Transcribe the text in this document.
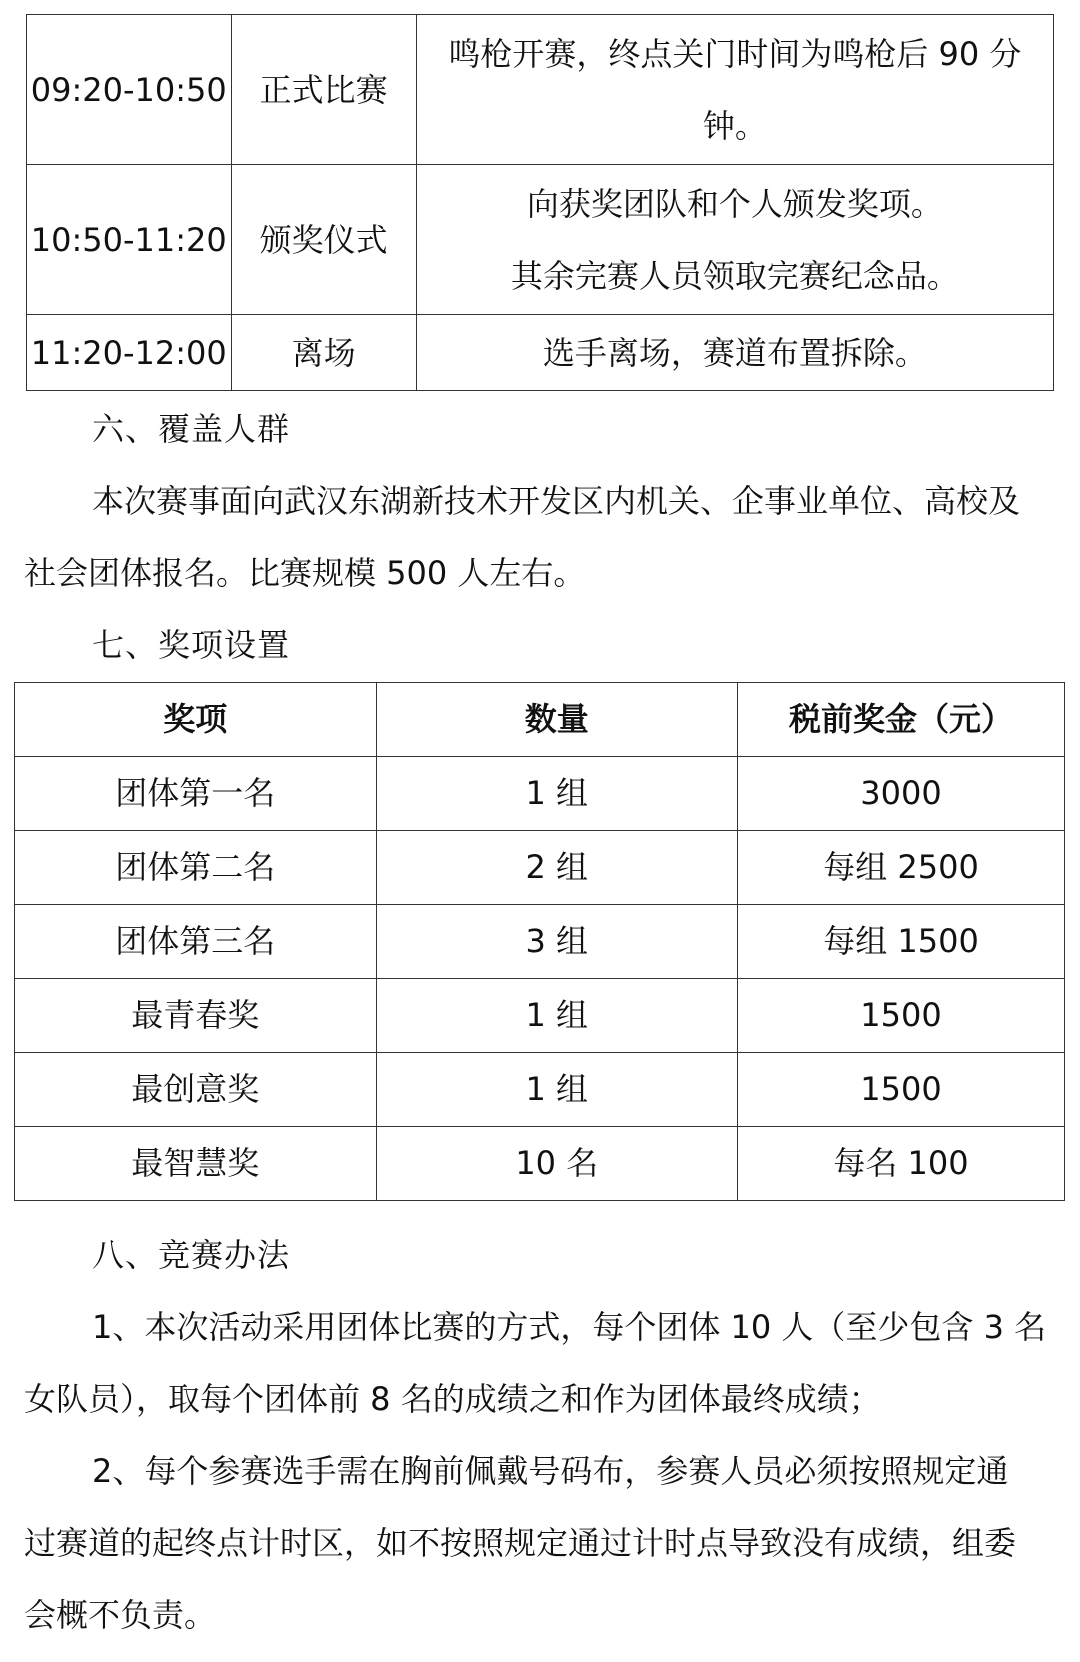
09:20-10:50	正式比赛	鸣枪开赛，终点关门时间为鸣枪后 90 分
钟。

10:50-11:20	颁奖仪式	向获奖团队和个人颁发奖项。
其余完赛人员领取完赛纪念品。

11:20-12:00	离场	选手离场，赛道布置拆除。

六、覆盖人群

本次赛事面向武汉东湖新技术开发区内机关、企事业单位、高校及

社会团体报名。比赛规模 500 人左右。

七、奖项设置

奖项	数量	税前奖金（元）
团体第一名	1 组	3000
团体第二名	2 组	每组 2500
团体第三名	3 组	每组 1500
最青春奖	1 组	1500
最创意奖	1 组	1500
最智慧奖	10 名	每名 100

八、竞赛办法

1、本次活动采用团体比赛的方式，每个团体 10 人（至少包含 3 名

女队员），取每个团体前 8 名的成绩之和作为团体最终成绩；

2、每个参赛选手需在胸前佩戴号码布，参赛人员必须按照规定通

过赛道的起终点计时区，如不按照规定通过计时点导致没有成绩，组委

会概不负责。
